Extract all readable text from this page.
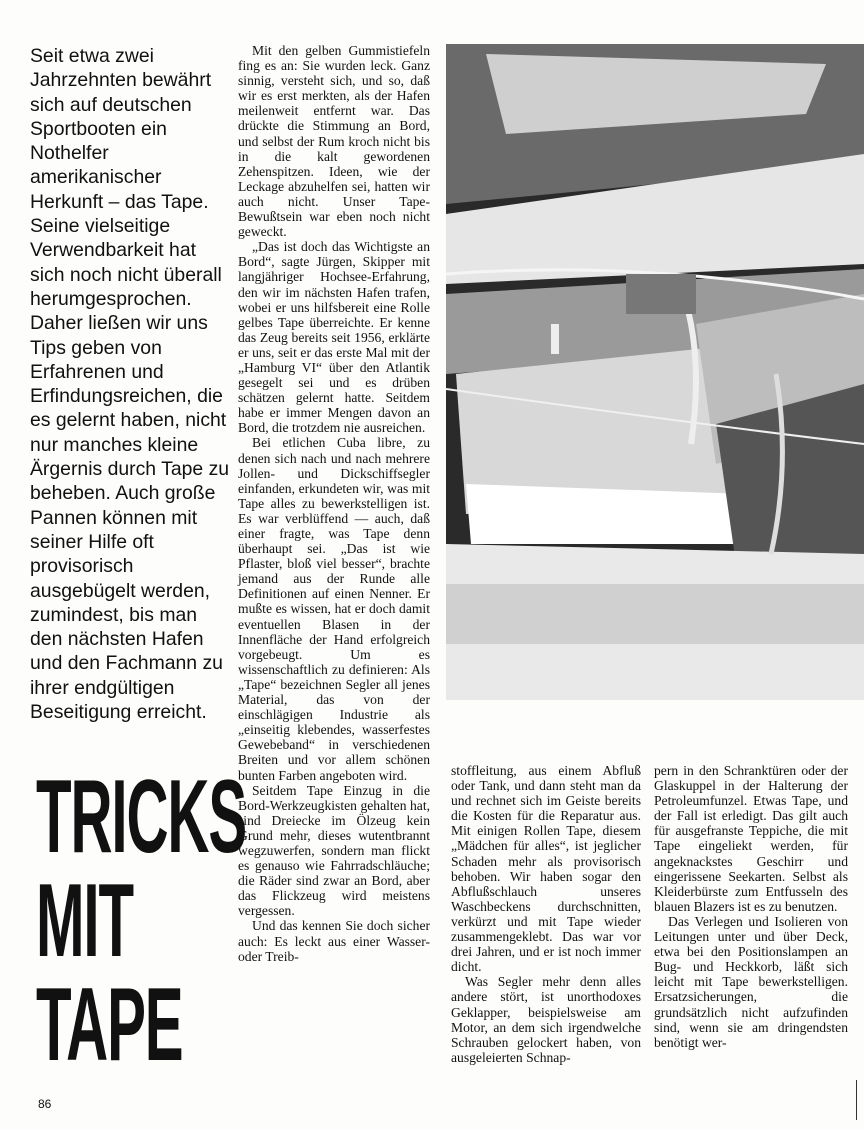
Seit etwa zwei Jahrzehnten bewährt sich auf deutschen Sportbooten ein Nothelfer amerikanischer Herkunft – das Tape. Seine vielseitige Verwendbarkeit hat sich noch nicht überall herumgesprochen. Daher ließen wir uns Tips geben von Erfahrenen und Erfindungsreichen, die es gelernt haben, nicht nur manches kleine Ärgernis durch Tape zu beheben. Auch große Pannen können mit seiner Hilfe oft provisorisch ausgebügelt werden, zumindest, bis man den nächsten Hafen und den Fachmann zu ihrer endgültigen Beseitigung erreicht.

TRICKS
MIT
TAPE

Mit den gelben Gummistiefeln fing es an: Sie wurden leck. Ganz sinnig, versteht sich, und so, daß wir es erst merkten, als der Hafen meilenweit entfernt war. Das drückte die Stimmung an Bord, und selbst der Rum kroch nicht bis in die kalt gewordenen Zehenspitzen. Ideen, wie der Leckage abzuhelfen sei, hatten wir auch nicht. Unser Tape-Bewußtsein war eben noch nicht geweckt.

„Das ist doch das Wichtigste an Bord“, sagte Jürgen, Skipper mit langjähriger Hochsee-Erfahrung, den wir im nächsten Hafen trafen, wobei er uns hilfsbereit eine Rolle gelbes Tape überreichte. Er kenne das Zeug bereits seit 1956, erklärte er uns, seit er das erste Mal mit der „Hamburg VI“ über den Atlantik gesegelt sei und es drüben schätzen gelernt hatte. Seitdem habe er immer Mengen davon an Bord, die trotzdem nie ausreichen.

Bei etlichen Cuba libre, zu denen sich nach und nach mehrere Jollen- und Dickschiffsegler einfanden, erkundeten wir, was mit Tape alles zu bewerkstelligen ist. Es war verblüffend — auch, daß einer fragte, was Tape denn überhaupt sei. „Das ist wie Pflaster, bloß viel besser“, brachte jemand aus der Runde alle Definitionen auf einen Nenner. Er mußte es wissen, hat er doch damit eventuellen Blasen in der Innenfläche der Hand erfolgreich vorgebeugt. Um es wissenschaftlich zu definieren: Als „Tape“ bezeichnen Segler all jenes Material, das von der einschlägigen Industrie als „einseitig klebendes, wasserfestes Gewebeband“ in verschiedenen Breiten und vor allem schönen bunten Farben angeboten wird.

Seitdem Tape Einzug in die Bord-Werkzeugkisten gehalten hat, sind Dreiecke im Ölzeug kein Grund mehr, dieses wutentbrannt wegzuwerfen, sondern man flickt es genauso wie Fahrradschläuche; die Räder sind zwar an Bord, aber das Flickzeug wird meistens vergessen.

Und das kennen Sie doch sicher auch: Es leckt aus einer Wasser- oder Treib-

stoffleitung, aus einem Abfluß oder Tank, und dann steht man da und rechnet sich im Geiste bereits die Kosten für die Reparatur aus. Mit einigen Rollen Tape, diesem „Mädchen für alles“, ist jeglicher Schaden mehr als provisorisch behoben. Wir haben sogar den Abflußschlauch unseres Waschbeckens durchschnitten, verkürzt und mit Tape wieder zusammengeklebt. Das war vor drei Jahren, und er ist noch immer dicht.

Was Segler mehr denn alles andere stört, ist unorthodoxes Geklapper, beispielsweise am Motor, an dem sich irgendwelche Schrauben gelockert haben, von ausgeleierten Schnap-

pern in den Schranktüren oder der Glaskuppel in der Halterung der Petroleumfunzel. Etwas Tape, und der Fall ist erledigt. Das gilt auch für ausgefranste Teppiche, die mit Tape eingeliekt werden, für angeknackstes Geschirr und eingerissene Seekarten. Selbst als Kleiderbürste zum Entfusseln des blauen Blazers ist es zu benutzen.

Das Verlegen und Isolieren von Leitungen unter und über Deck, etwa bei den Positionslampen an Bug- und Heckkorb, läßt sich leicht mit Tape bewerkstelligen. Ersatzsicherungen, die grundsätzlich nicht aufzufinden sind, wenn sie am dringendsten benötigt wer-

86
